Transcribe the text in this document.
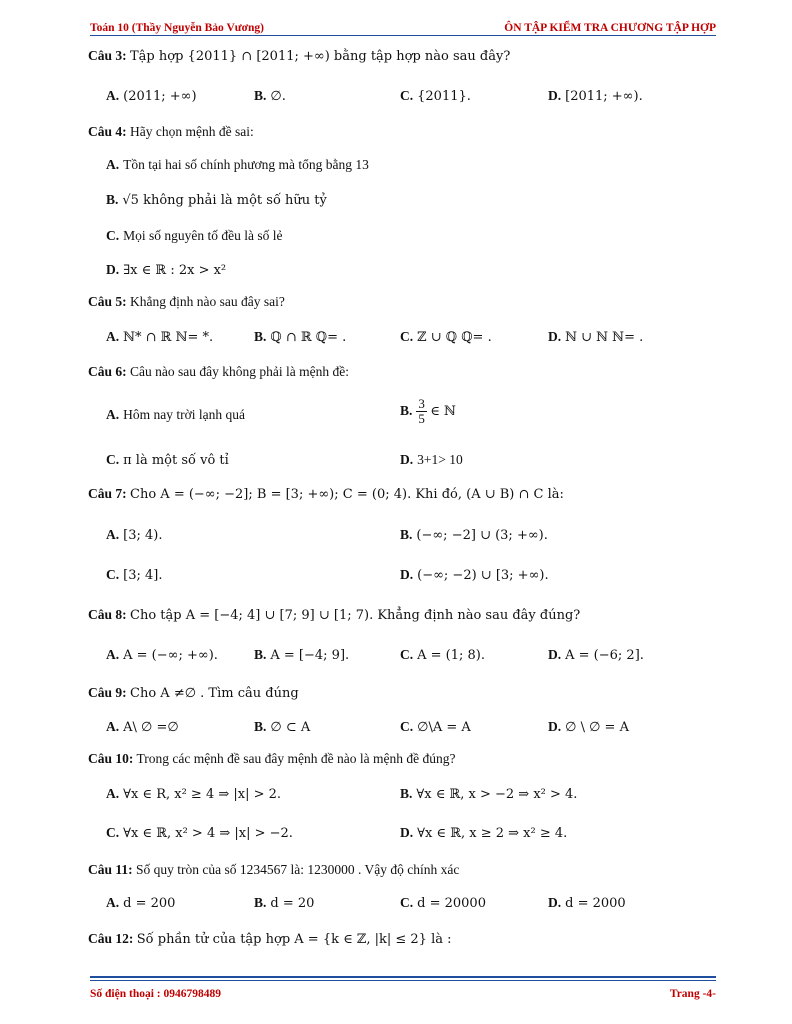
Toán 10 (Thầy Nguyễn Bảo Vương)	ÔN TẬP KIỂM TRA CHƯƠNG TẬP HỢP
Câu 3: Tập hợp {2011} ∩ [2011; +∞) bằng tập hợp nào sau đây?
A. (2011; +∞)	B. ∅.	C. {2011}.	D. [2011; +∞).
Câu 4: Hãy chọn mệnh đề sai:
A. Tồn tại hai số chính phương mà tổng bằng 13
B. √5 không phải là một số hữu tỷ
C. Mọi số nguyên tố đều là số lẻ
D. ∃x ∈ ℝ : 2x > x²
Câu 5: Khẳng định nào sau đây sai?
A. ℕ* ∩ ℝ ℕ= *.	B. ℚ ∩ ℝ ℚ= .	C. ℤ ∪ ℚ ℚ= .	D. ℕ ∪ ℕ ℕ= .
Câu 6: Câu nào sau đây không phải là mệnh đề:
A. Hôm nay trời lạnh quá	B. $\frac{3}{5}$ ∈ ℕ
C. π là một số vô tỉ	D. 3+1> 10
Câu 7: Cho A = (−∞; −2]; B = [3; +∞); C = (0; 4). Khi đó, (A ∪ B) ∩ C là:
A. [3; 4).	B. (−∞; −2] ∪ (3; +∞).
C. [3; 4].	D. (−∞; −2) ∪ [3; +∞).
Câu 8: Cho tập A = [−4; 4] ∪ [7; 9] ∪ [1; 7). Khẳng định nào sau đây đúng?
A. A = (−∞; +∞).	B. A = [−4; 9].	C. A = (1; 8).	D. A = (−6; 2].
Câu 9: Cho A ≠∅ . Tìm câu đúng
A. A\ ∅ =∅	B. ∅ ⊂ A	C. ∅\A = A	D. ∅ \ ∅ = A
Câu 10: Trong các mệnh đề sau đây mệnh đề nào là mệnh đề đúng?
A. ∀x ∈ R, x² ≥ 4 ⇒ |x| > 2.	B. ∀x ∈ ℝ, x > −2 ⇒ x² > 4.
C. ∀x ∈ ℝ, x² > 4 ⇒ |x| > −2.	D. ∀x ∈ ℝ, x ≥ 2 ⇒ x² ≥ 4.
Câu 11: Số quy tròn của số 1234567 là: 1230000 . Vậy độ chính xác
A. d = 200	B. d = 20	C. d = 20000	D. d = 2000
Câu 12: Số phần tử của tập hợp A = {k ∈ ℤ, |k| ≤ 2} là :
Số điện thoại : 0946798489	Trang -4-
